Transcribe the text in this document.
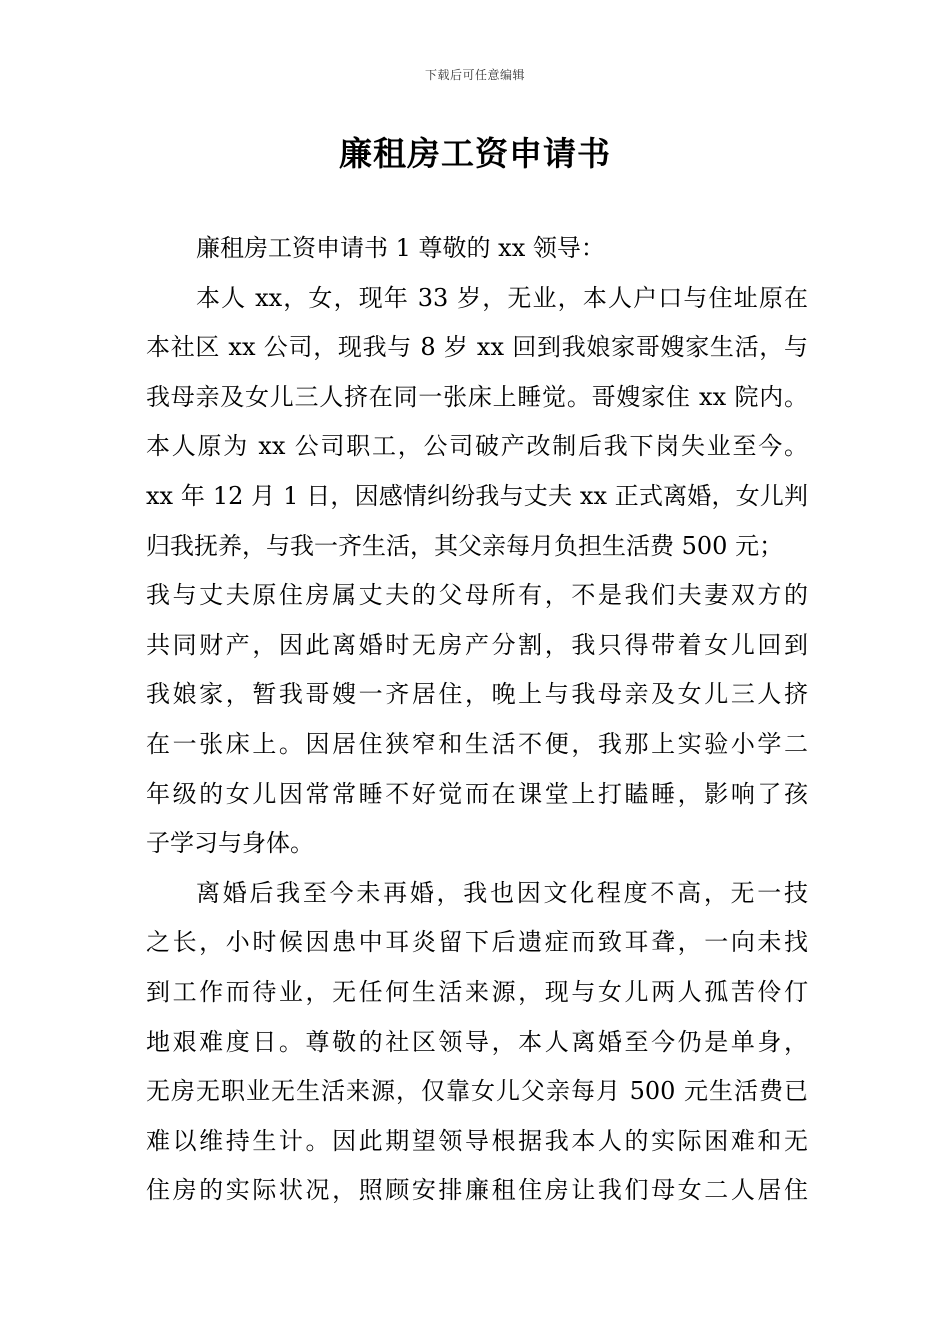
下载后可任意编辑
廉租房工资申请书
廉租房工资申请书 1 尊敬的 xx 领导：
本人 xx，女，现年 33 岁，无业，本人户口与住址原在
本社区 xx 公司，现我与 8 岁 xx 回到我娘家哥嫂家生活，与
我母亲及女儿三人挤在同一张床上睡觉。哥嫂家住 xx 院内。
本人原为 xx 公司职工，公司破产改制后我下岗失业至今。
xx 年 12 月 1 日，因感情纠纷我与丈夫 xx 正式离婚，女儿判
归我抚养，与我一齐生活，其父亲每月负担生活费 500 元；
我与丈夫原住房属丈夫的父母所有，不是我们夫妻双方的
共同财产，因此离婚时无房产分割，我只得带着女儿回到
我娘家，暂我哥嫂一齐居住，晚上与我母亲及女儿三人挤
在一张床上。因居住狭窄和生活不便，我那上实验小学二
年级的女儿因常常睡不好觉而在课堂上打瞌睡，影响了孩
子学习与身体。
离婚后我至今未再婚，我也因文化程度不高，无一技
之长，小时候因患中耳炎留下后遗症而致耳聋，一向未找
到工作而待业，无任何生活来源，现与女儿两人孤苦伶仃
地艰难度日。尊敬的社区领导，本人离婚至今仍是单身，
无房无职业无生活来源，仅靠女儿父亲每月 500 元生活费已
难以维持生计。因此期望领导根据我本人的实际困难和无
住房的实际状况，照顾安排廉租住房让我们母女二人居住
